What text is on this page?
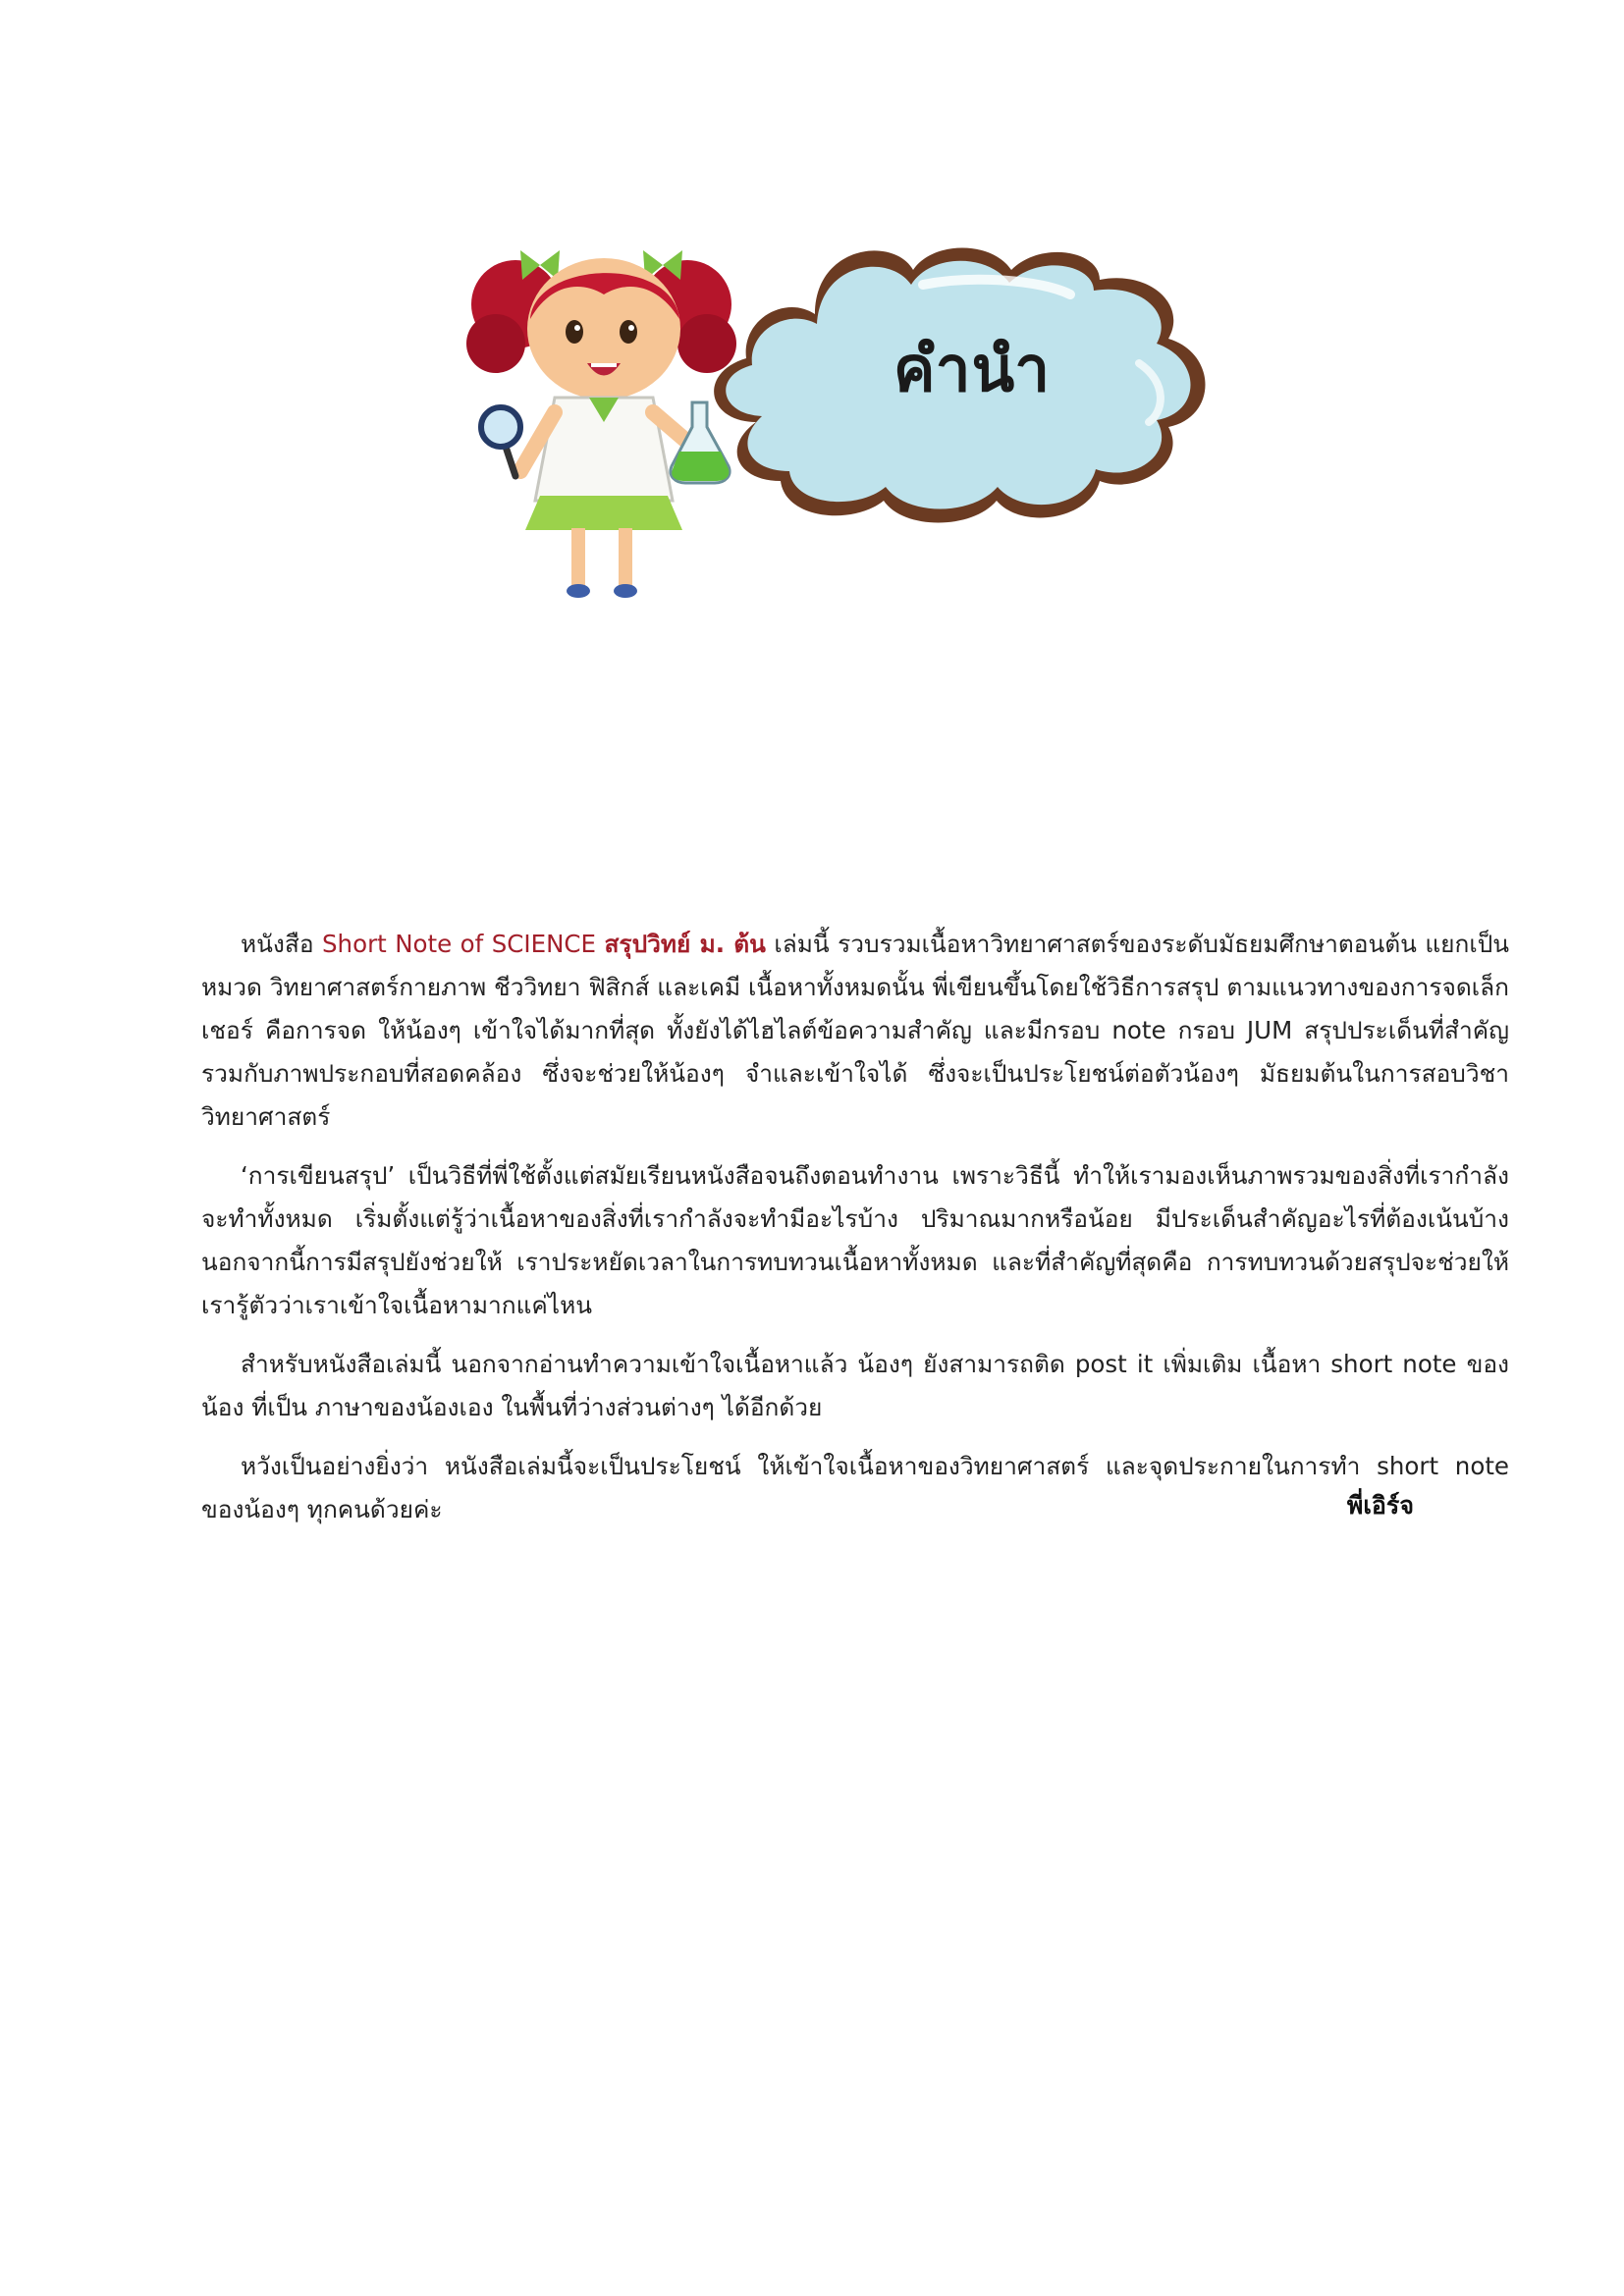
คำนำ

หนังสือ Short Note of SCIENCE สรุปวิทย์ ม. ต้น เล่มนี้ รวบรวมเนื้อหาวิทยาศาสตร์ของระดับมัธยมศึกษาตอนต้น แยกเป็นหมวด วิทยาศาสตร์กายภาพ ชีววิทยา ฟิสิกส์ และเคมี เนื้อหาทั้งหมดนั้น พี่เขียนขึ้นโดยใช้วิธีการสรุป ตามแนวทางของการจดเล็กเชอร์ คือการจด ให้น้องๆ เข้าใจได้มากที่สุด ทั้งยังได้ไฮไลต์ข้อความสำคัญ และมีกรอบ note กรอบ JUM สรุปประเด็นที่สำคัญ รวมกับภาพประกอบที่สอดคล้อง ซึ่งจะช่วยให้น้องๆ จำและเข้าใจได้ ซึ่งจะเป็นประโยชน์ต่อตัวน้องๆ มัธยมต้นในการสอบวิชาวิทยาศาสตร์

‘การเขียนสรุป’ เป็นวิธีที่พี่ใช้ตั้งแต่สมัยเรียนหนังสือจนถึงตอนทำงาน เพราะวิธีนี้ ทำให้เรามองเห็นภาพรวมของสิ่งที่เรากำลังจะทำทั้งหมด เริ่มตั้งแต่รู้ว่าเนื้อหาของสิ่งที่เรากำลังจะทำมีอะไรบ้าง ปริมาณมากหรือน้อย มีประเด็นสำคัญอะไรที่ต้องเน้นบ้าง นอกจากนี้การมีสรุปยังช่วยให้ เราประหยัดเวลาในการทบทวนเนื้อหาทั้งหมด และที่สำคัญที่สุดคือ การทบทวนด้วยสรุปจะช่วยให้เรารู้ตัวว่าเราเข้าใจเนื้อหามากแค่ไหน

สำหรับหนังสือเล่มนี้ นอกจากอ่านทำความเข้าใจเนื้อหาแล้ว น้องๆ ยังสามารถติด post it เพิ่มเติม เนื้อหา short note ของน้อง ที่เป็น ภาษาของน้องเอง ในพื้นที่ว่างส่วนต่างๆ ได้อีกด้วย

หวังเป็นอย่างยิ่งว่า หนังสือเล่มนี้จะเป็นประโยชน์ ให้เข้าใจเนื้อหาของวิทยาศาสตร์ และจุดประกายในการทำ short note ของน้องๆ ทุกคนด้วยค่ะ	พี่เอิร์จ
